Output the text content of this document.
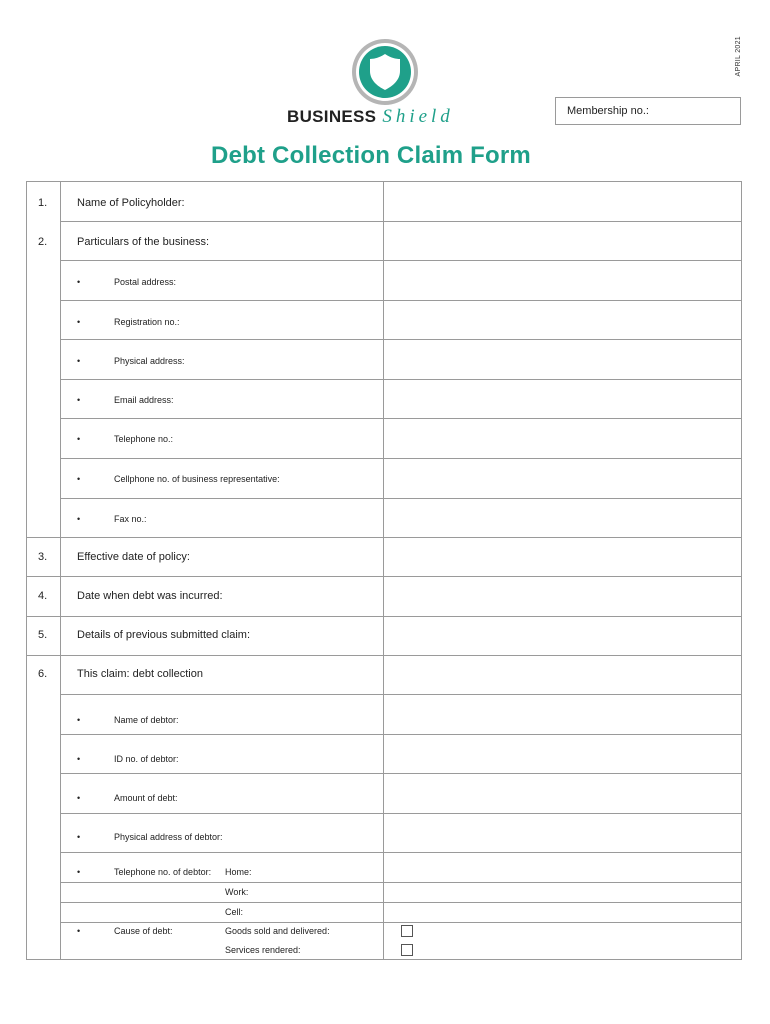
APRIL 2021
BUSINESS Shield	Membership no.:
Debt Collection Claim Form
1.	Name of Policyholder:
2.	Particulars of the business:
•	Postal address:
•	Registration no.:
•	Physical address:
•	Email address:
•	Telephone no.:
•	Cellphone no. of business representative:
•	Fax no.:
3.	Effective date of policy:
4.	Date when debt was incurred:
5.	Details of previous submitted claim:
6.	This claim: debt collection
•	Name of debtor:
•	ID no. of debtor:
•	Amount of debt:
•	Physical address of debtor:
•	Telephone no. of debtor: Home:
Work:
Cell:
•	Cause of debt:	Goods sold and delivered:
Services rendered:
